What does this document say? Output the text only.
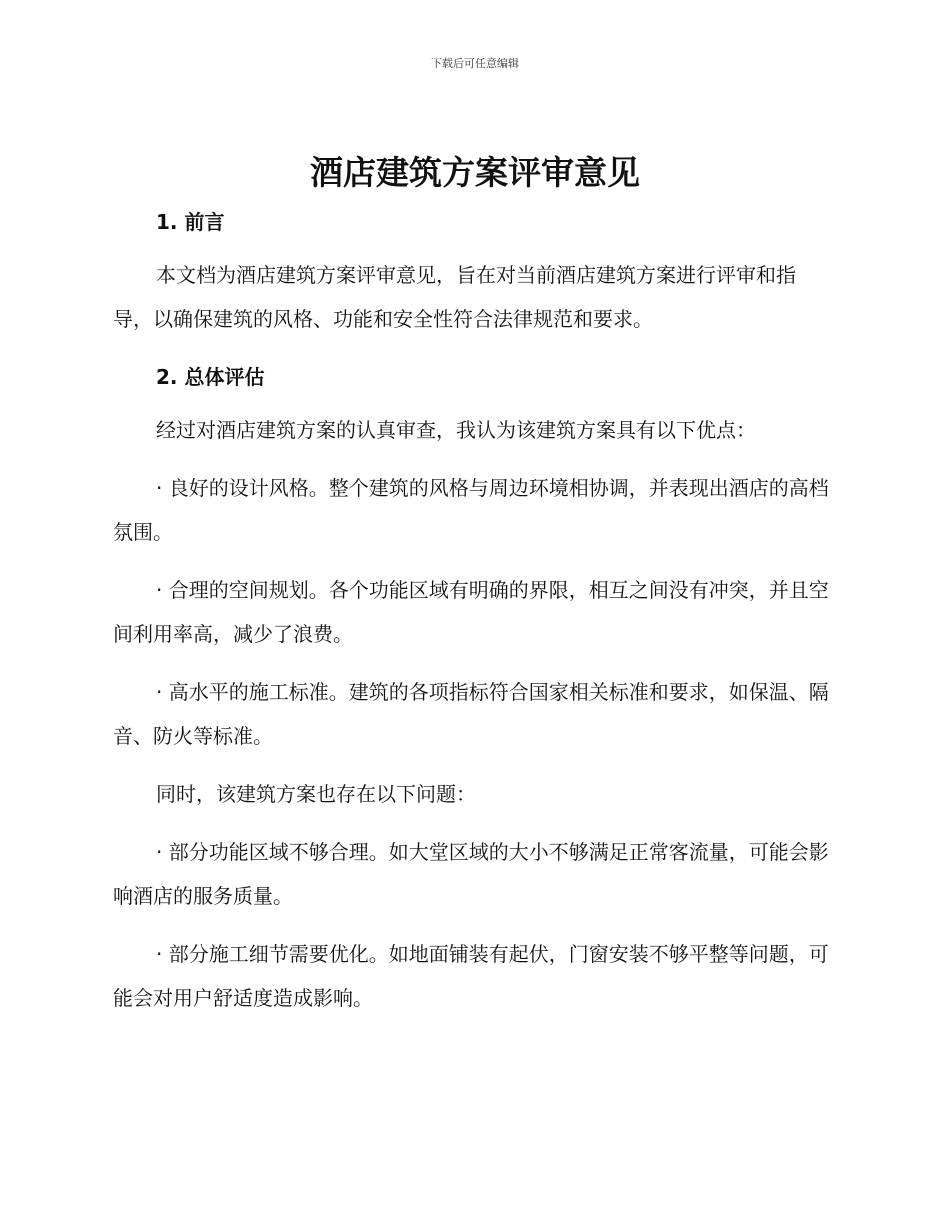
下载后可任意编辑
酒店建筑方案评审意见
1. 前言

本文档为酒店建筑方案评审意见，旨在对当前酒店建筑方案进行评审和指导，以确保建筑的风格、功能和安全性符合法律规范和要求。

2. 总体评估

经过对酒店建筑方案的认真审查，我认为该建筑方案具有以下优点：

· 良好的设计风格。整个建筑的风格与周边环境相协调，并表现出酒店的高档氛围。

· 合理的空间规划。各个功能区域有明确的界限，相互之间没有冲突，并且空间利用率高，减少了浪费。

· 高水平的施工标准。建筑的各项指标符合国家相关标准和要求，如保温、隔音、防火等标准。

同时，该建筑方案也存在以下问题：

· 部分功能区域不够合理。如大堂区域的大小不够满足正常客流量，可能会影响酒店的服务质量。

· 部分施工细节需要优化。如地面铺装有起伏，门窗安装不够平整等问题，可能会对用户舒适度造成影响。
